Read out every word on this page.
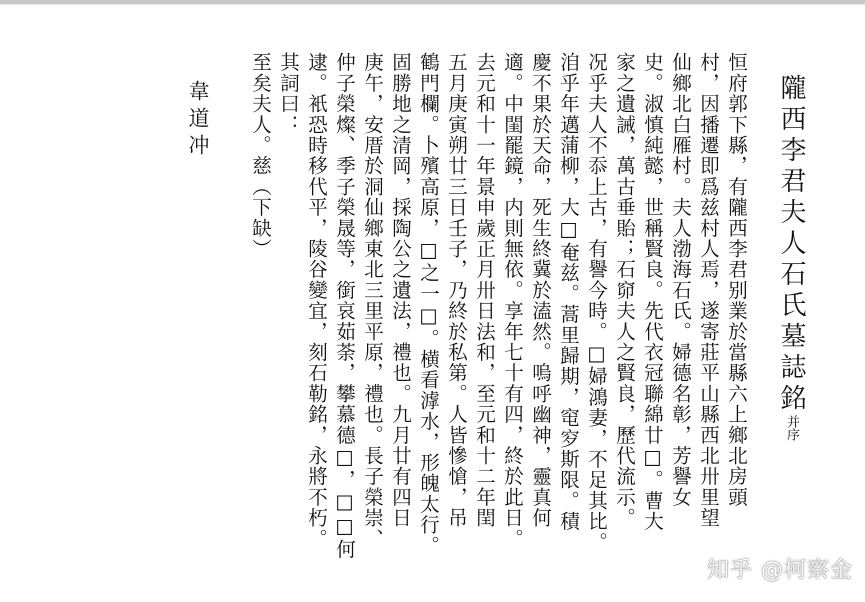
隴西李君夫人石氏墓誌銘并序
恒府郭下縣，有隴西李君别業於當縣六上鄉北房頭
村，因播遷即爲兹村人焉，遂寄莊平山縣西北卅里望
仙鄉北白雁村。夫人渤海石氏。婦德名彰，芳譽女
史。淑慎純懿，世稱賢良。先代衣冠聯綿廿□。曹大
家之遺誡，萬古垂貽；石窌夫人之賢良，歷代流示。
况乎夫人不忝上古，有譽今時。□婦鴻妻，不足其比。
洎乎年邁蒲柳，大□奄兹。蒿里歸期，窀穸斯限。積
慶不果於天命，死生終冀於溘然。嗚呼幽神，靈真何
適。中閨罷鏡，内則無依。享年七十有四，終於此日。
去元和十一年景申歲正月卅日法和，至元和十二年閏
五月庚寅朔廿三日壬子，乃終於私第。人皆慘愴，吊
鶴門欄。卜殯高原，□之一□。横看滹水，形魄太行。
固勝地之清岡，採陶公之遺法，禮也。九月廿有四日
庚午，安厝於洞仙鄉東北三里平原，禮也。長子榮崇、
仲子榮燦、季子榮晟等，銜哀茹荼，攀慕德□，□□何
逮。衹恐時移代平，陵谷變宜，刻石勒銘，永將不朽。
其詞曰：
至矣夫人。慈（下缺）
韋道冲
知乎 @柯察金
